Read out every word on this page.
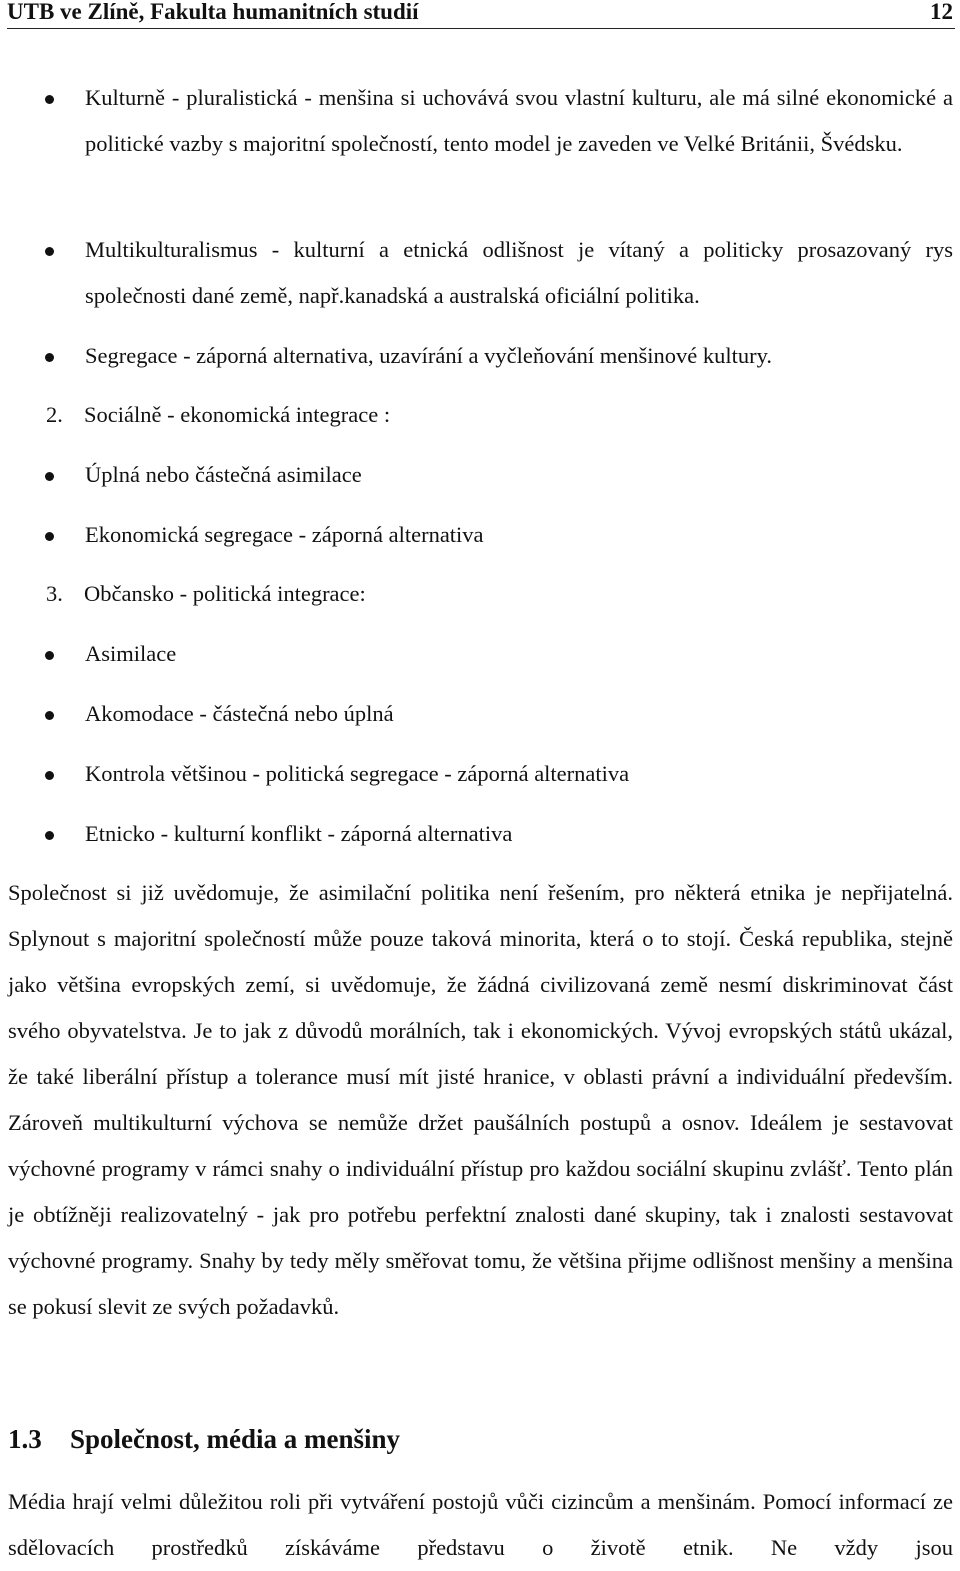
UTB ve Zlíně, Fakulta humanitních studií	12
Kulturně - pluralistická - menšina si uchovává svou vlastní kulturu, ale má silné ekonomické a politické vazby s majoritní společností, tento model je zaveden ve Velké Británii, Švédsku.
Multikulturalismus - kulturní a etnická odlišnost je vítaný a politicky prosazovaný rys společnosti dané země, např.kanadská a australská oficiální politika.
Segregace - záporná alternativa, uzavírání a vyčleňování menšinové kultury.
2. Sociálně - ekonomická integrace :
Úplná nebo částečná asimilace
Ekonomická segregace - záporná alternativa
3. Občansko - politická integrace:
Asimilace
Akomodace - částečná nebo úplná
Kontrola většinou - politická segregace - záporná alternativa
Etnicko - kulturní konflikt - záporná alternativa
Společnost si již uvědomuje, že asimilační politika není řešením, pro některá etnika je nepřijatelná. Splynout s majoritní společností může pouze taková minorita, která o to stojí. Česká republika, stejně jako většina evropských zemí, si uvědomuje, že žádná civilizovaná země nesmí diskriminovat část svého obyvatelstva. Je to jak z důvodů morálních, tak i ekonomických. Vývoj evropských států ukázal, že také liberální přístup a tolerance musí mít jisté hranice, v oblasti právní a individuální především. Zároveň multikulturní výchova se nemůže držet paušálních postupů a osnov. Ideálem je sestavovat výchovné programy v rámci snahy o individuální přístup pro každou sociální skupinu zvlášť. Tento plán je obtížněji realizovatelný - jak pro potřebu perfektní znalosti dané skupiny, tak i znalosti sestavovat výchovné programy. Snahy by tedy měly směřovat tomu, že většina přijme odlišnost menšiny a menšina se pokusí slevit ze svých požadavků.
1.3 Společnost, média a menšiny
Média hrají velmi důležitou roli při vytváření postojů vůči cizincům a menšinám. Pomocí informací ze sdělovacích prostředků získáváme představu o životě etnik. Ne vždy jsou
